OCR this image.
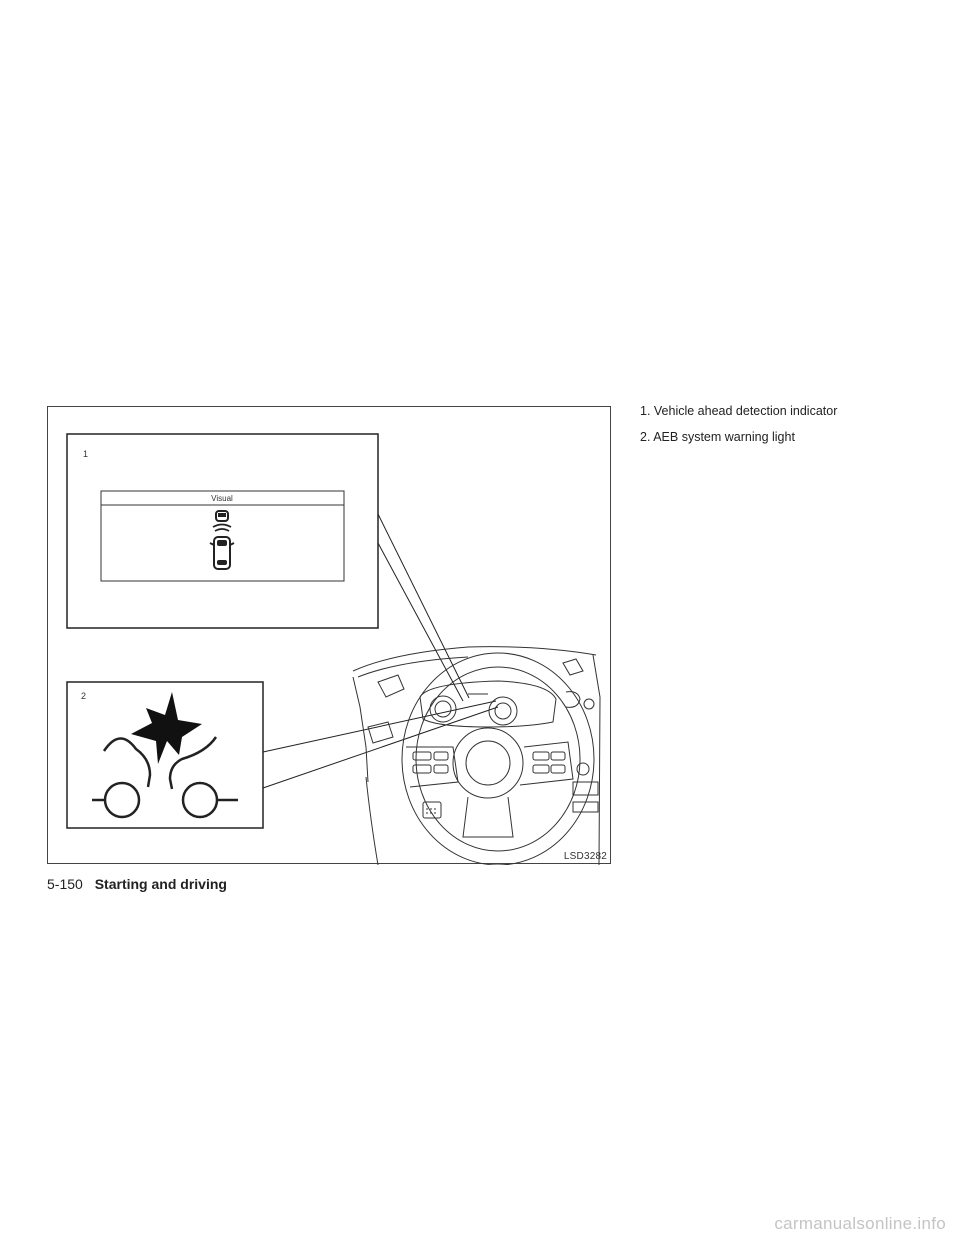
1
Visual
2
LSD3282
1. Vehicle ahead detection indicator
2. AEB system warning light
5-150 Starting and driving
carmanualsonline.info
